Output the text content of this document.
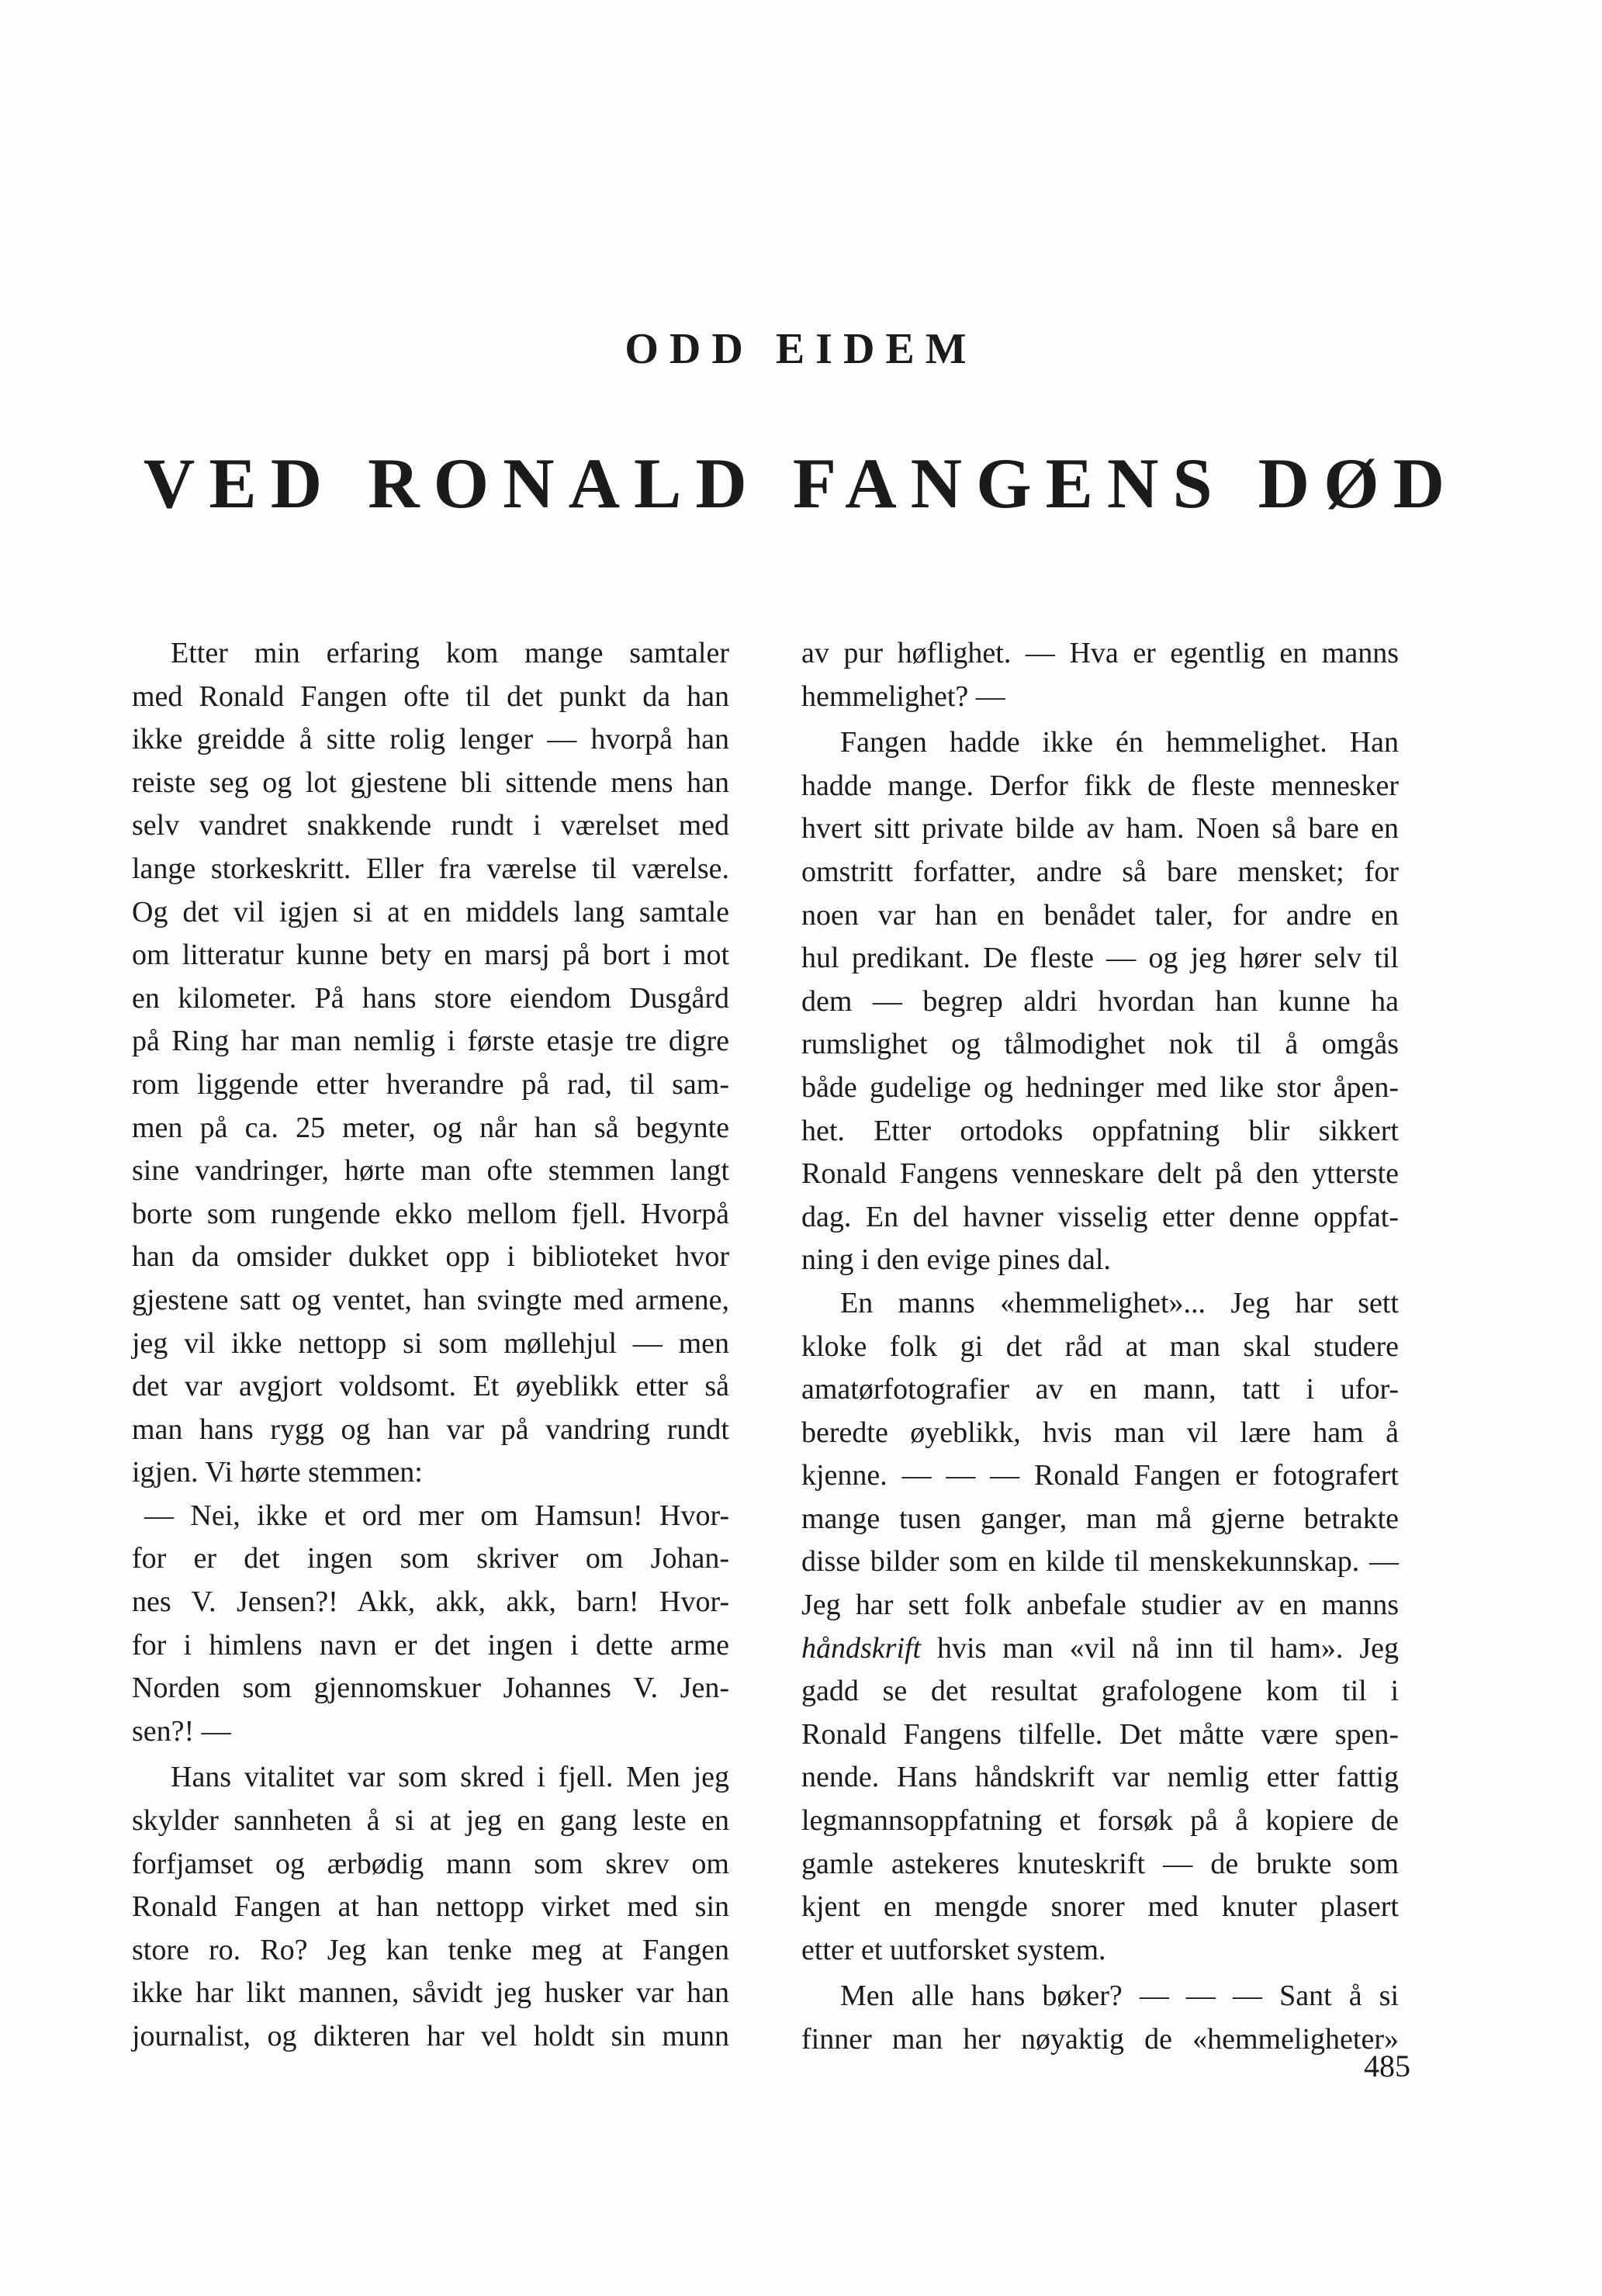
ODD EIDEM
VED RONALD FANGENS DØD
Etter min erfaring kom mange samtaler
med Ronald Fangen ofte til det punkt da han
ikke greidde å sitte rolig lenger — hvorpå han
reiste seg og lot gjestene bli sittende mens han
selv vandret snakkende rundt i værelset med
lange storkeskritt. Eller fra værelse til værelse.
Og det vil igjen si at en middels lang samtale
om litteratur kunne bety en marsj på bort i mot
en kilometer. På hans store eiendom Dusgård
på Ring har man nemlig i første etasje tre digre
rom liggende etter hverandre på rad, til sam-
men på ca. 25 meter, og når han så begynte
sine vandringer, hørte man ofte stemmen langt
borte som rungende ekko mellom fjell. Hvorpå
han da omsider dukket opp i biblioteket hvor
gjestene satt og ventet, han svingte med armene,
jeg vil ikke nettopp si som møllehjul — men
det var avgjort voldsomt. Et øyeblikk etter så
man hans rygg og han var på vandring rundt
igjen. Vi hørte stemmen:
— Nei, ikke et ord mer om Hamsun! Hvor-
for er det ingen som skriver om Johan-
nes V. Jensen?! Akk, akk, akk, barn! Hvor-
for i himlens navn er det ingen i dette arme
Norden som gjennomskuer Johannes V. Jen-
sen?! —
Hans vitalitet var som skred i fjell. Men jeg
skylder sannheten å si at jeg en gang leste en
forfjamset og ærbødig mann som skrev om
Ronald Fangen at han nettopp virket med sin
store ro. Ro? Jeg kan tenke meg at Fangen
ikke har likt mannen, såvidt jeg husker var han
journalist, og dikteren har vel holdt sin munn
av pur høflighet. — Hva er egentlig en manns
hemmelighet? —
Fangen hadde ikke én hemmelighet. Han
hadde mange. Derfor fikk de fleste mennesker
hvert sitt private bilde av ham. Noen så bare en
omstritt forfatter, andre så bare mensket; for
noen var han en benådet taler, for andre en
hul predikant. De fleste — og jeg hører selv til
dem — begrep aldri hvordan han kunne ha
rumslighet og tålmodighet nok til å omgås
både gudelige og hedninger med like stor åpen-
het. Etter ortodoks oppfatning blir sikkert
Ronald Fangens venneskare delt på den ytterste
dag. En del havner visselig etter denne oppfat-
ning i den evige pines dal.
En manns «hemmelighet»... Jeg har sett
kloke folk gi det råd at man skal studere
amatørfotografier av en mann, tatt i ufor-
beredte øyeblikk, hvis man vil lære ham å
kjenne. — — — Ronald Fangen er fotografert
mange tusen ganger, man må gjerne betrakte
disse bilder som en kilde til menskekunnskap. —
Jeg har sett folk anbefale studier av en manns
håndskrift hvis man «vil nå inn til ham». Jeg
gadd se det resultat grafologene kom til i
Ronald Fangens tilfelle. Det måtte være spen-
nende. Hans håndskrift var nemlig etter fattig
legmannsoppfatning et forsøk på å kopiere de
gamle astekeres knuteskrift — de brukte som
kjent en mengde snorer med knuter plasert
etter et uutforsket system.
Men alle hans bøker? — — — Sant å si
finner man her nøyaktig de «hemmeligheter»
485
